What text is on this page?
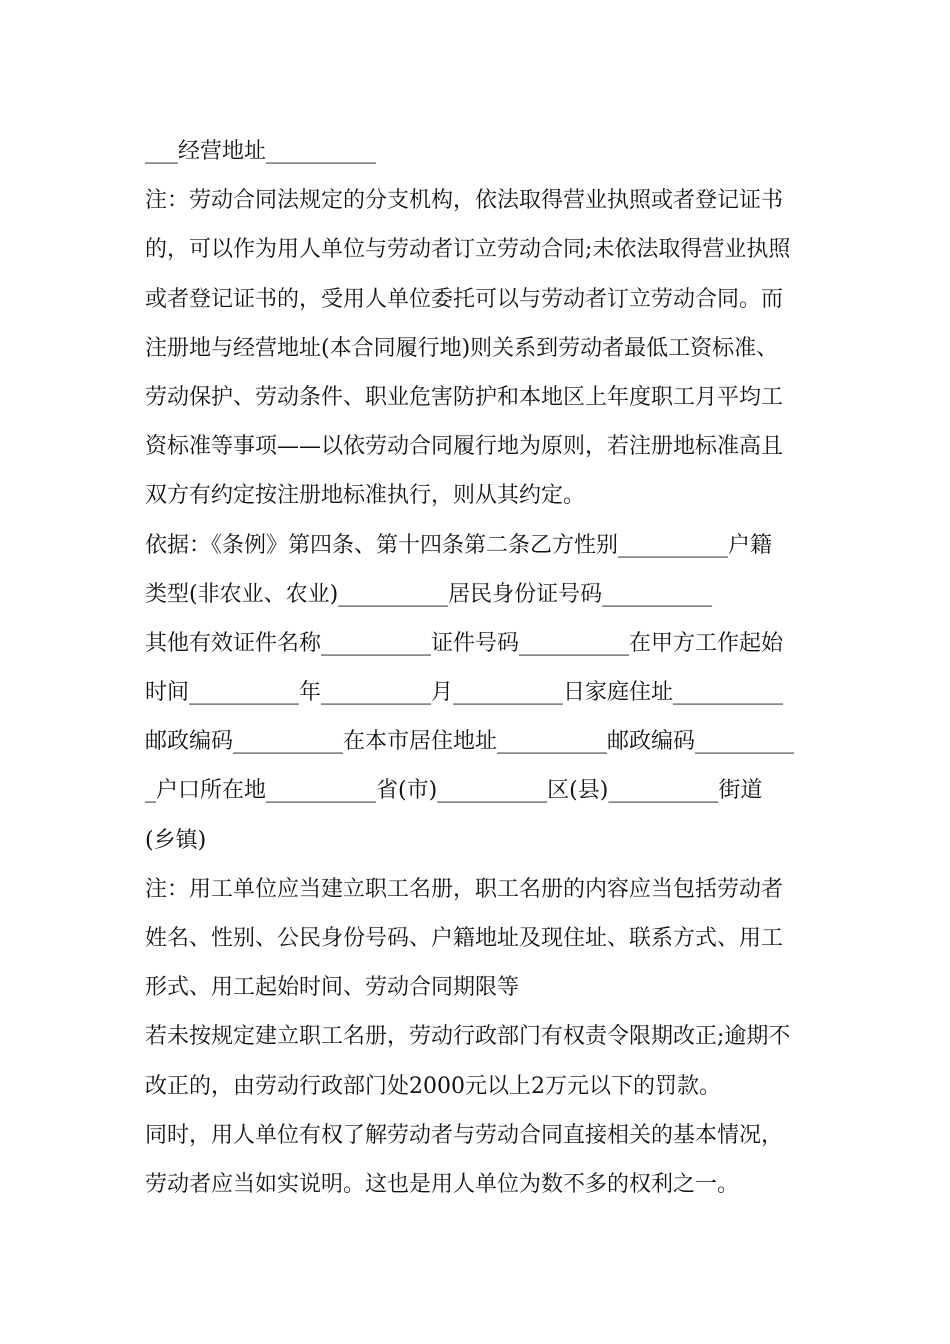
___经营地址__________
注：劳动合同法规定的分支机构，依法取得营业执照或者登记证书
的，可以作为用人单位与劳动者订立劳动合同;未依法取得营业执照
或者登记证书的，受用人单位委托可以与劳动者订立劳动合同。而
注册地与经营地址(本合同履行地)则关系到劳动者最低工资标准、
劳动保护、劳动条件、职业危害防护和本地区上年度职工月平均工
资标准等事项——以依劳动合同履行地为原则，若注册地标准高且
双方有约定按注册地标准执行，则从其约定。
依据：《条例》第四条、第十四条第二条乙方性别__________户籍
类型(非农业、农业)__________居民身份证号码__________
其他有效证件名称__________证件号码__________在甲方工作起始
时间__________年__________月__________日家庭住址__________
邮政编码__________在本市居住地址__________邮政编码_________
_户口所在地__________省(市)__________区(县)__________街道
(乡镇)
注：用工单位应当建立职工名册，职工名册的内容应当包括劳动者
姓名、性别、公民身份号码、户籍地址及现住址、联系方式、用工
形式、用工起始时间、劳动合同期限等
若未按规定建立职工名册，劳动行政部门有权责令限期改正;逾期不
改正的，由劳动行政部门处2000元以上2万元以下的罚款。
同时，用人单位有权了解劳动者与劳动合同直接相关的基本情况，
劳动者应当如实说明。这也是用人单位为数不多的权利之一。
